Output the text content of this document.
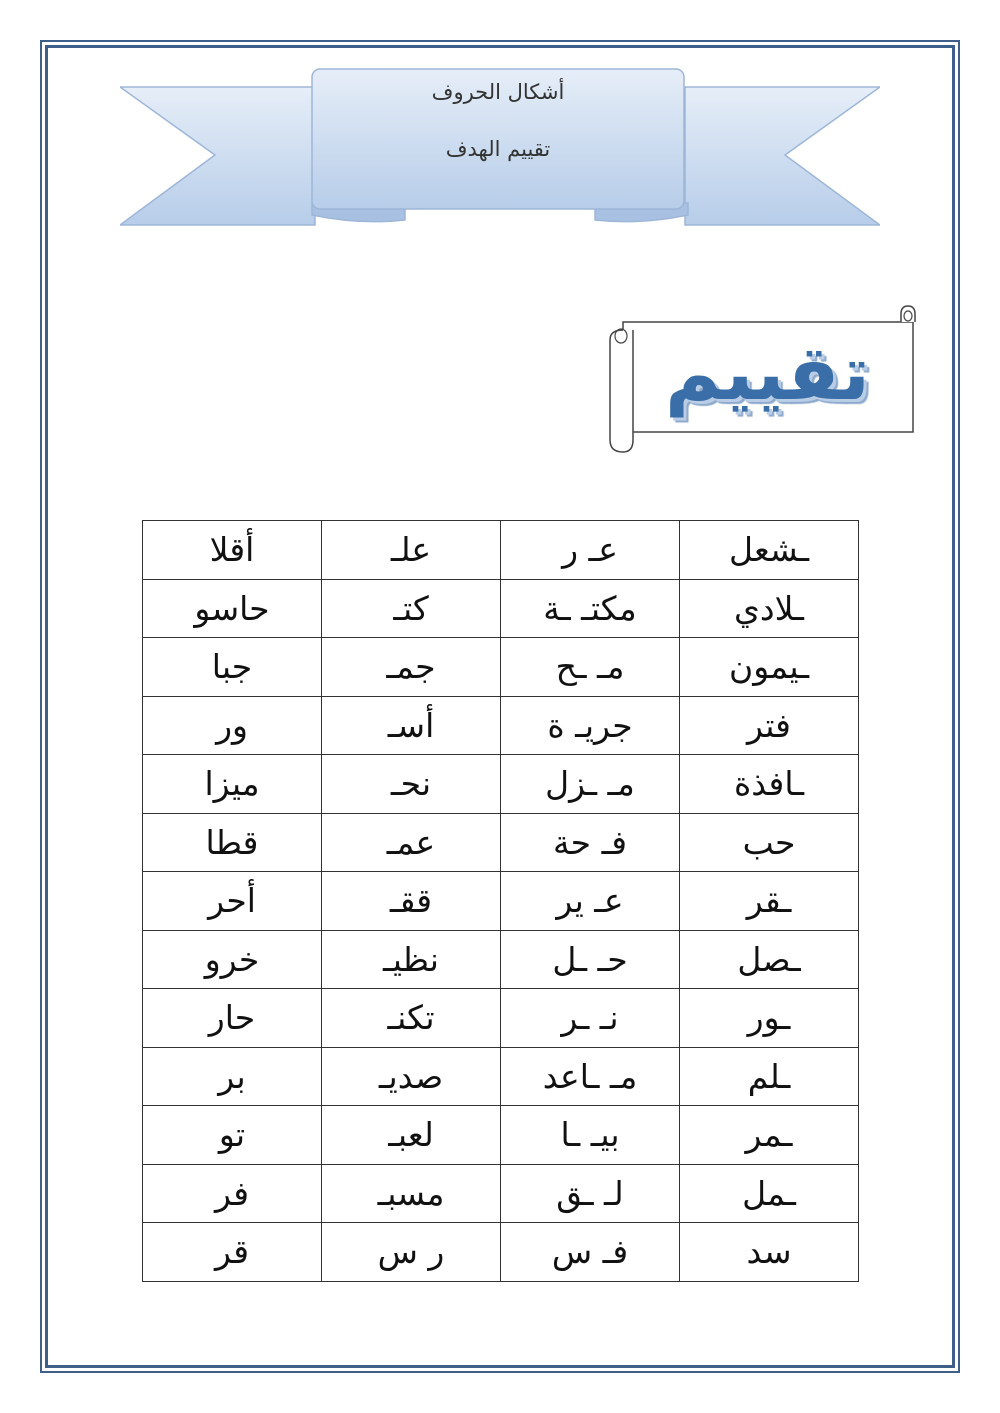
أشكال الحروف
تقييم الهدف
تقييم
ـشعل	عـ ر	علـ	أقلا
ـلادي	مكتـ ـة	كتـ	حاسو
ـيمون	مـ ـح	جمـ	جبا
فتر	جريـ ة	أسـ	ور
ـافذة	مـ ـزل	نحـ	ميزا
حب	فـ حة	عمـ	قطا
ـقر	عـ ير	ققـ	أحر
ـصل	حـ ـل	نظيـ	خرو
ـور	نـ ـر	تكنـ	حار
ـلم	مـ ـاعد	صديـ	بر
ـمر	بيـ ـا	لعبـ	تو
ـمل	لـ ـق	مسبـ	فر
سد	فـ س	ر س	قر
